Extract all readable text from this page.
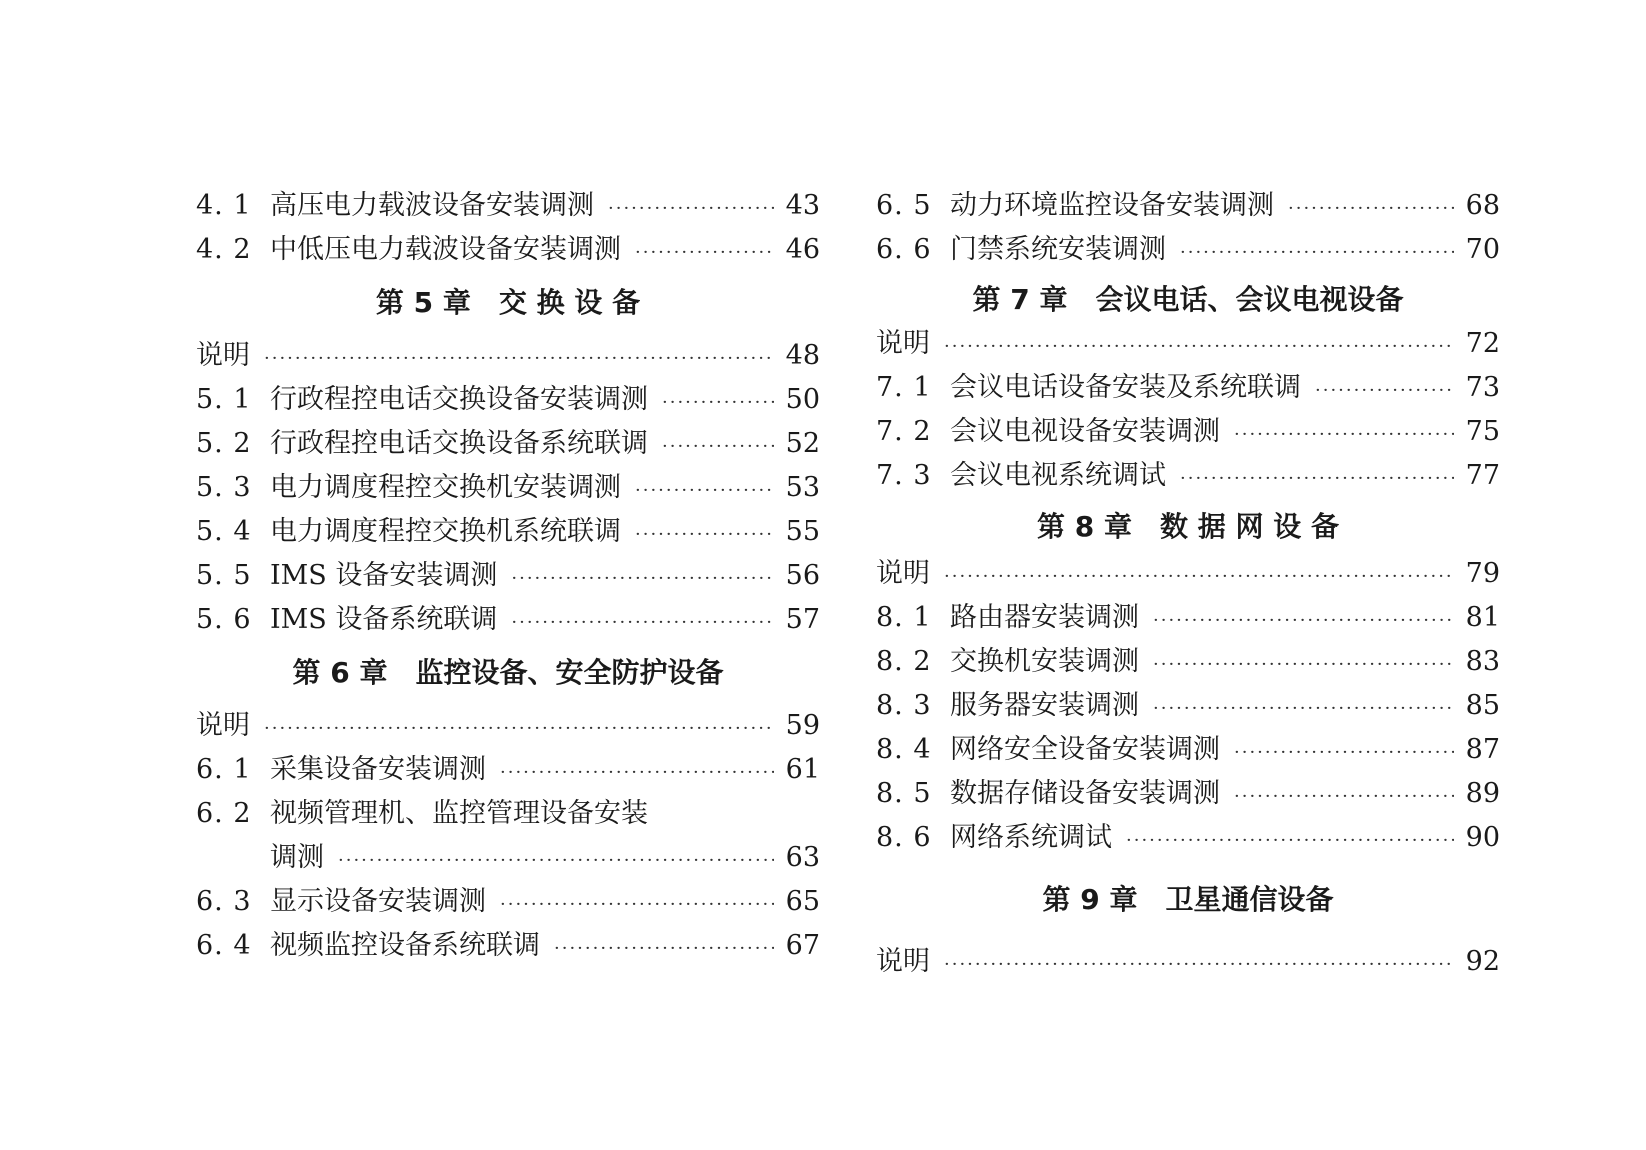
4. 1 高压电力载波设备安装调测 ·····	43
4. 2 中低压电力载波设备安装调测 ·····	46
第 5 章 交 换 设 备
说明 ·····	48
5. 1 行政程控电话交换设备安装调测 ·····	50
5. 2 行政程控电话交换设备系统联调 ·····	52
5. 3 电力调度程控交换机安装调测 ·····	53
5. 4 电力调度程控交换机系统联调 ·····	55
5. 5 IMS 设备安装调测 ·····	56
5. 6 IMS 设备系统联调 ·····	57
第 6 章 监控设备、安全防护设备
说明 ·····	59
6. 1 采集设备安装调测 ·····	61
6. 2 视频管理机、监控管理设备安装
调测 ·····	63
6. 3 显示设备安装调测 ·····	65
6. 4 视频监控设备系统联调 ·····	67
6. 5 动力环境监控设备安装调测 ·····	68
6. 6 门禁系统安装调测 ·····	70
第 7 章 会议电话、会议电视设备
说明 ·····	72
7. 1 会议电话设备安装及系统联调 ·····	73
7. 2 会议电视设备安装调测 ·····	75
7. 3 会议电视系统调试 ·····	77
第 8 章 数 据 网 设 备
说明 ·····	79
8. 1 路由器安装调测 ·····	81
8. 2 交换机安装调测 ·····	83
8. 3 服务器安装调测 ·····	85
8. 4 网络安全设备安装调测 ·····	87
8. 5 数据存储设备安装调测 ·····	89
8. 6 网络系统调试 ·····	90
第 9 章 卫星通信设备
说明 ·····	92
